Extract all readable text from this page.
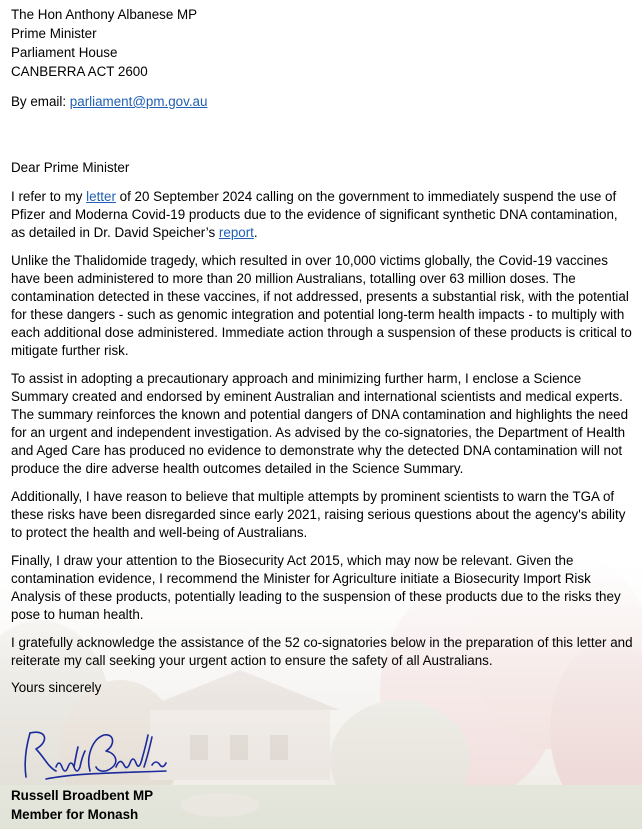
The Hon Anthony Albanese MP
Prime Minister
Parliament House
CANBERRA ACT 2600
By email: parliament@pm.gov.au
Dear Prime Minister

I refer to my letter of 20 September 2024 calling on the government to immediately suspend the use of Pfizer and Moderna Covid-19 products due to the evidence of significant synthetic DNA contamination, as detailed in Dr. David Speicher’s report.

Unlike the Thalidomide tragedy, which resulted in over 10,000 victims globally, the Covid-19 vaccines have been administered to more than 20 million Australians, totalling over 63 million doses. The contamination detected in these vaccines, if not addressed, presents a substantial risk, with the potential for these dangers - such as genomic integration and potential long-term health impacts - to multiply with each additional dose administered. Immediate action through a suspension of these products is critical to mitigate further risk.

To assist in adopting a precautionary approach and minimizing further harm, I enclose a Science Summary created and endorsed by eminent Australian and international scientists and medical experts. The summary reinforces the known and potential dangers of DNA contamination and highlights the need for an urgent and independent investigation. As advised by the co-signatories, the Department of Health and Aged Care has produced no evidence to demonstrate why the detected DNA contamination will not produce the dire adverse health outcomes detailed in the Science Summary.

Additionally, I have reason to believe that multiple attempts by prominent scientists to warn the TGA of these risks have been disregarded since early 2021, raising serious questions about the agency's ability to protect the health and well-being of Australians.

Finally, I draw your attention to the Biosecurity Act 2015, which may now be relevant. Given the contamination evidence, I recommend the Minister for Agriculture initiate a Biosecurity Import Risk Analysis of these products, potentially leading to the suspension of these products due to the risks they pose to human health.

I gratefully acknowledge the assistance of the 52 co-signatories below in the preparation of this letter and reiterate my call seeking your urgent action to ensure the safety of all Australians.

Yours sincerely
Russell Broadbent MP
Member for Monash
